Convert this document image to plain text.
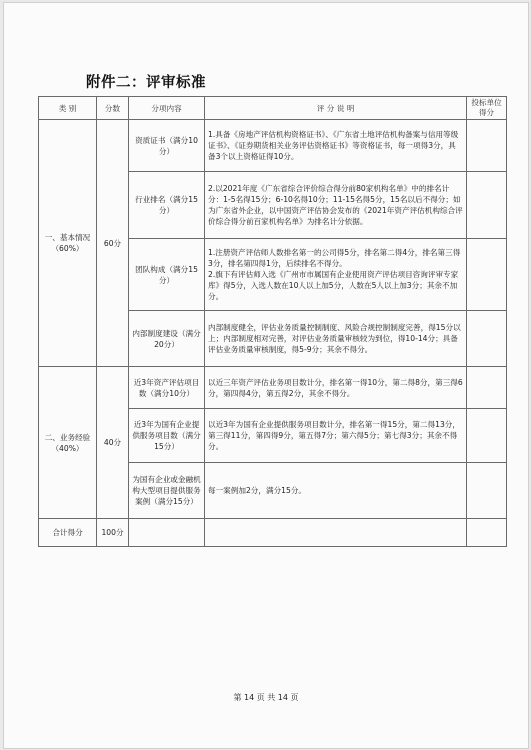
附件二：评审标准
类 别	分数	分项内容	评 分 说 明	投标单位得分
一、基本情况（60%）	60分	资质证书（满分10分）	1.具备《房地产评估机构资格证书》、《广东省土地评估机构备案与信用等级证书》、《证券期货相关业务评估资格证书》等资格证书，每一项得3分，具备3个以上资格证得10分。	
		行业排名（满分15分）	2.以2021年度《广东省综合评价综合得分前80家机构名单》中的排名计分：1-5名得15分；6-10名得10分；11-15名得5分，15名以后不得分；如为广东省外企业，以中国资产评估协会发布的《2021年资产评估机构综合评价综合得分前百家机构名单》为排名计分依据。	
		团队构成（满分15分）	1.注册资产评估师人数排名第一的公司得5分，排名第二得4分，排名第三得3分，排名第四得1分，后续排名不得分。
2.旗下有评估师入选《广州市市属国有企业使用资产评估项目咨询评审专家库》得5分，入选人数在10人以上加5分，人数在5人以上加3分；其余不加分。	
		内部制度建设（满分20分）	内部制度健全，评估业务质量控制制度、风险合规控制制度完善，得15分以上；内部制度相对完善，对评估业务质量审核较为到位，得10-14分；具备评估业务质量审核制度，得5-9分；其余不得分。	
二、业务经验（40%）	40分	近3年资产评估项目数（满分10分）	以近三年资产评估业务项目数计分，排名第一得10分，第二得8分，第三得6分，第四得4分，第五得2分，其余不得分。	
		近3年为国有企业提供服务项目数（满分15分）	以近3年为国有企业提供服务项目数计分，排名第一得15分，第二得13分，第三得11分，第四得9分，第五得7分；第六得5分；第七得3分；其余不得分。	
		为国有企业或金融机构大型项目提供服务案例（满分15分）	每一案例加2分，满分15分。	
合计得分	100分			
第 14 页 共 14 页
